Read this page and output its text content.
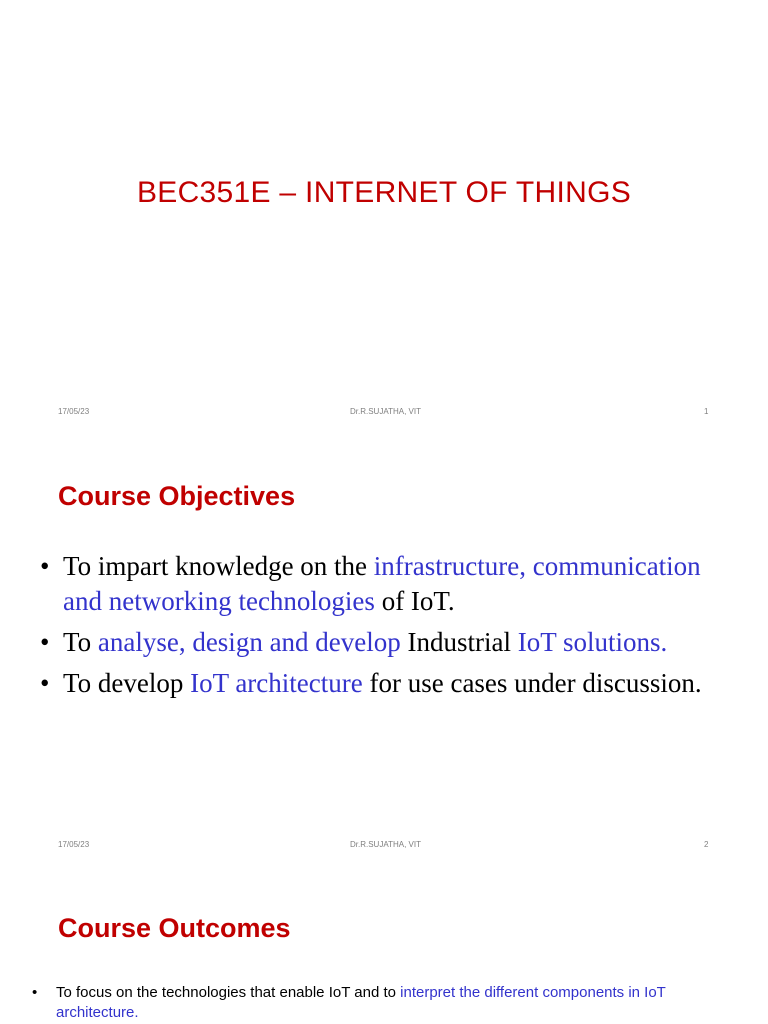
BEC351E – INTERNET OF THINGS
17/05/23	Dr.R.SUJATHA, VIT	1
Course Objectives
• To impart knowledge on the infrastructure, communication and networking technologies of IoT.
• To analyse, design and develop Industrial IoT solutions.
• To develop IoT architecture for use cases under discussion.
17/05/23	Dr.R.SUJATHA, VIT	2
Course Outcomes
• To focus on the technologies that enable IoT and to interpret the different components in IoT architecture.
